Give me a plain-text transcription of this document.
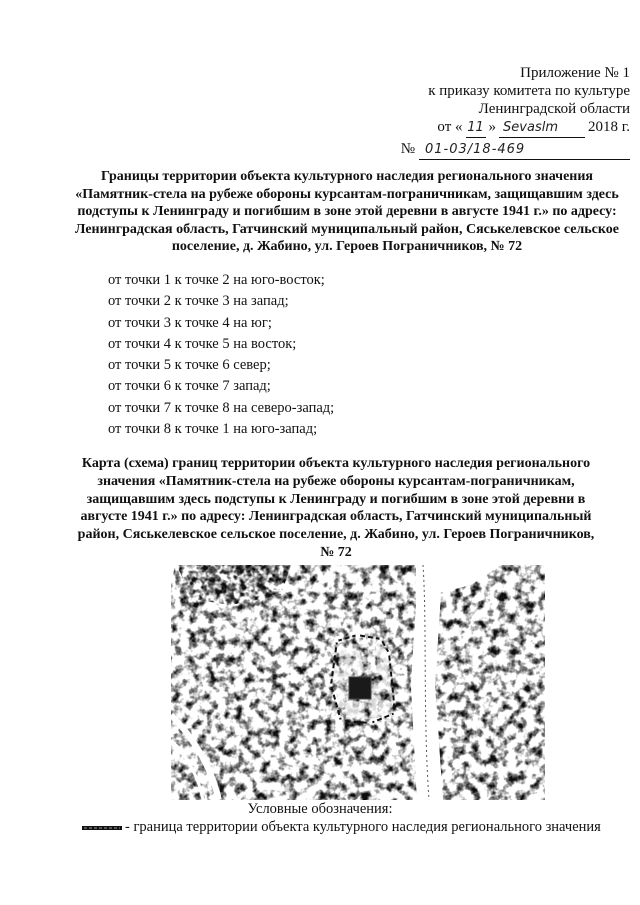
Приложение № 1
к приказу комитета по культуре
Ленинградской области
от « 11 » Sevaslm	2018 г.
№ 01-03/18-469
Границы территории объекта культурного наследия регионального значения «Памятник-стела на рубеже обороны курсантам-пограничникам, защищавшим здесь подступы к Ленинграду и погибшим в зоне этой деревни в августе 1941 г.» по адресу: Ленинградская область, Гатчинский муниципальный район, Сяськелевское сельское поселение, д. Жабино, ул. Героев Пограничников, № 72
от точки 1 к точке 2 на юго-восток;
от точки 2 к точке 3 на запад;
от точки 3 к точке 4 на юг;
от точки 4 к точке 5 на восток;
от точки 5 к точке 6 север;
от точки 6 к точке 7 запад;
от точки 7 к точке 8 на северо-запад;
от точки 8 к точке 1 на юго-запад;
Карта (схема) границ территории объекта культурного наследия регионального значения «Памятник-стела на рубеже обороны курсантам-пограничникам, защищавшим здесь подступы к Ленинграду и погибшим в зоне этой деревни в августе 1941 г.» по адресу: Ленинградская область, Гатчинский муниципальный район, Сяськелевское сельское поселение, д. Жабино, ул. Героев Пограничников, № 72
Условные обозначения:
- граница территории объекта культурного наследия регионального значения
